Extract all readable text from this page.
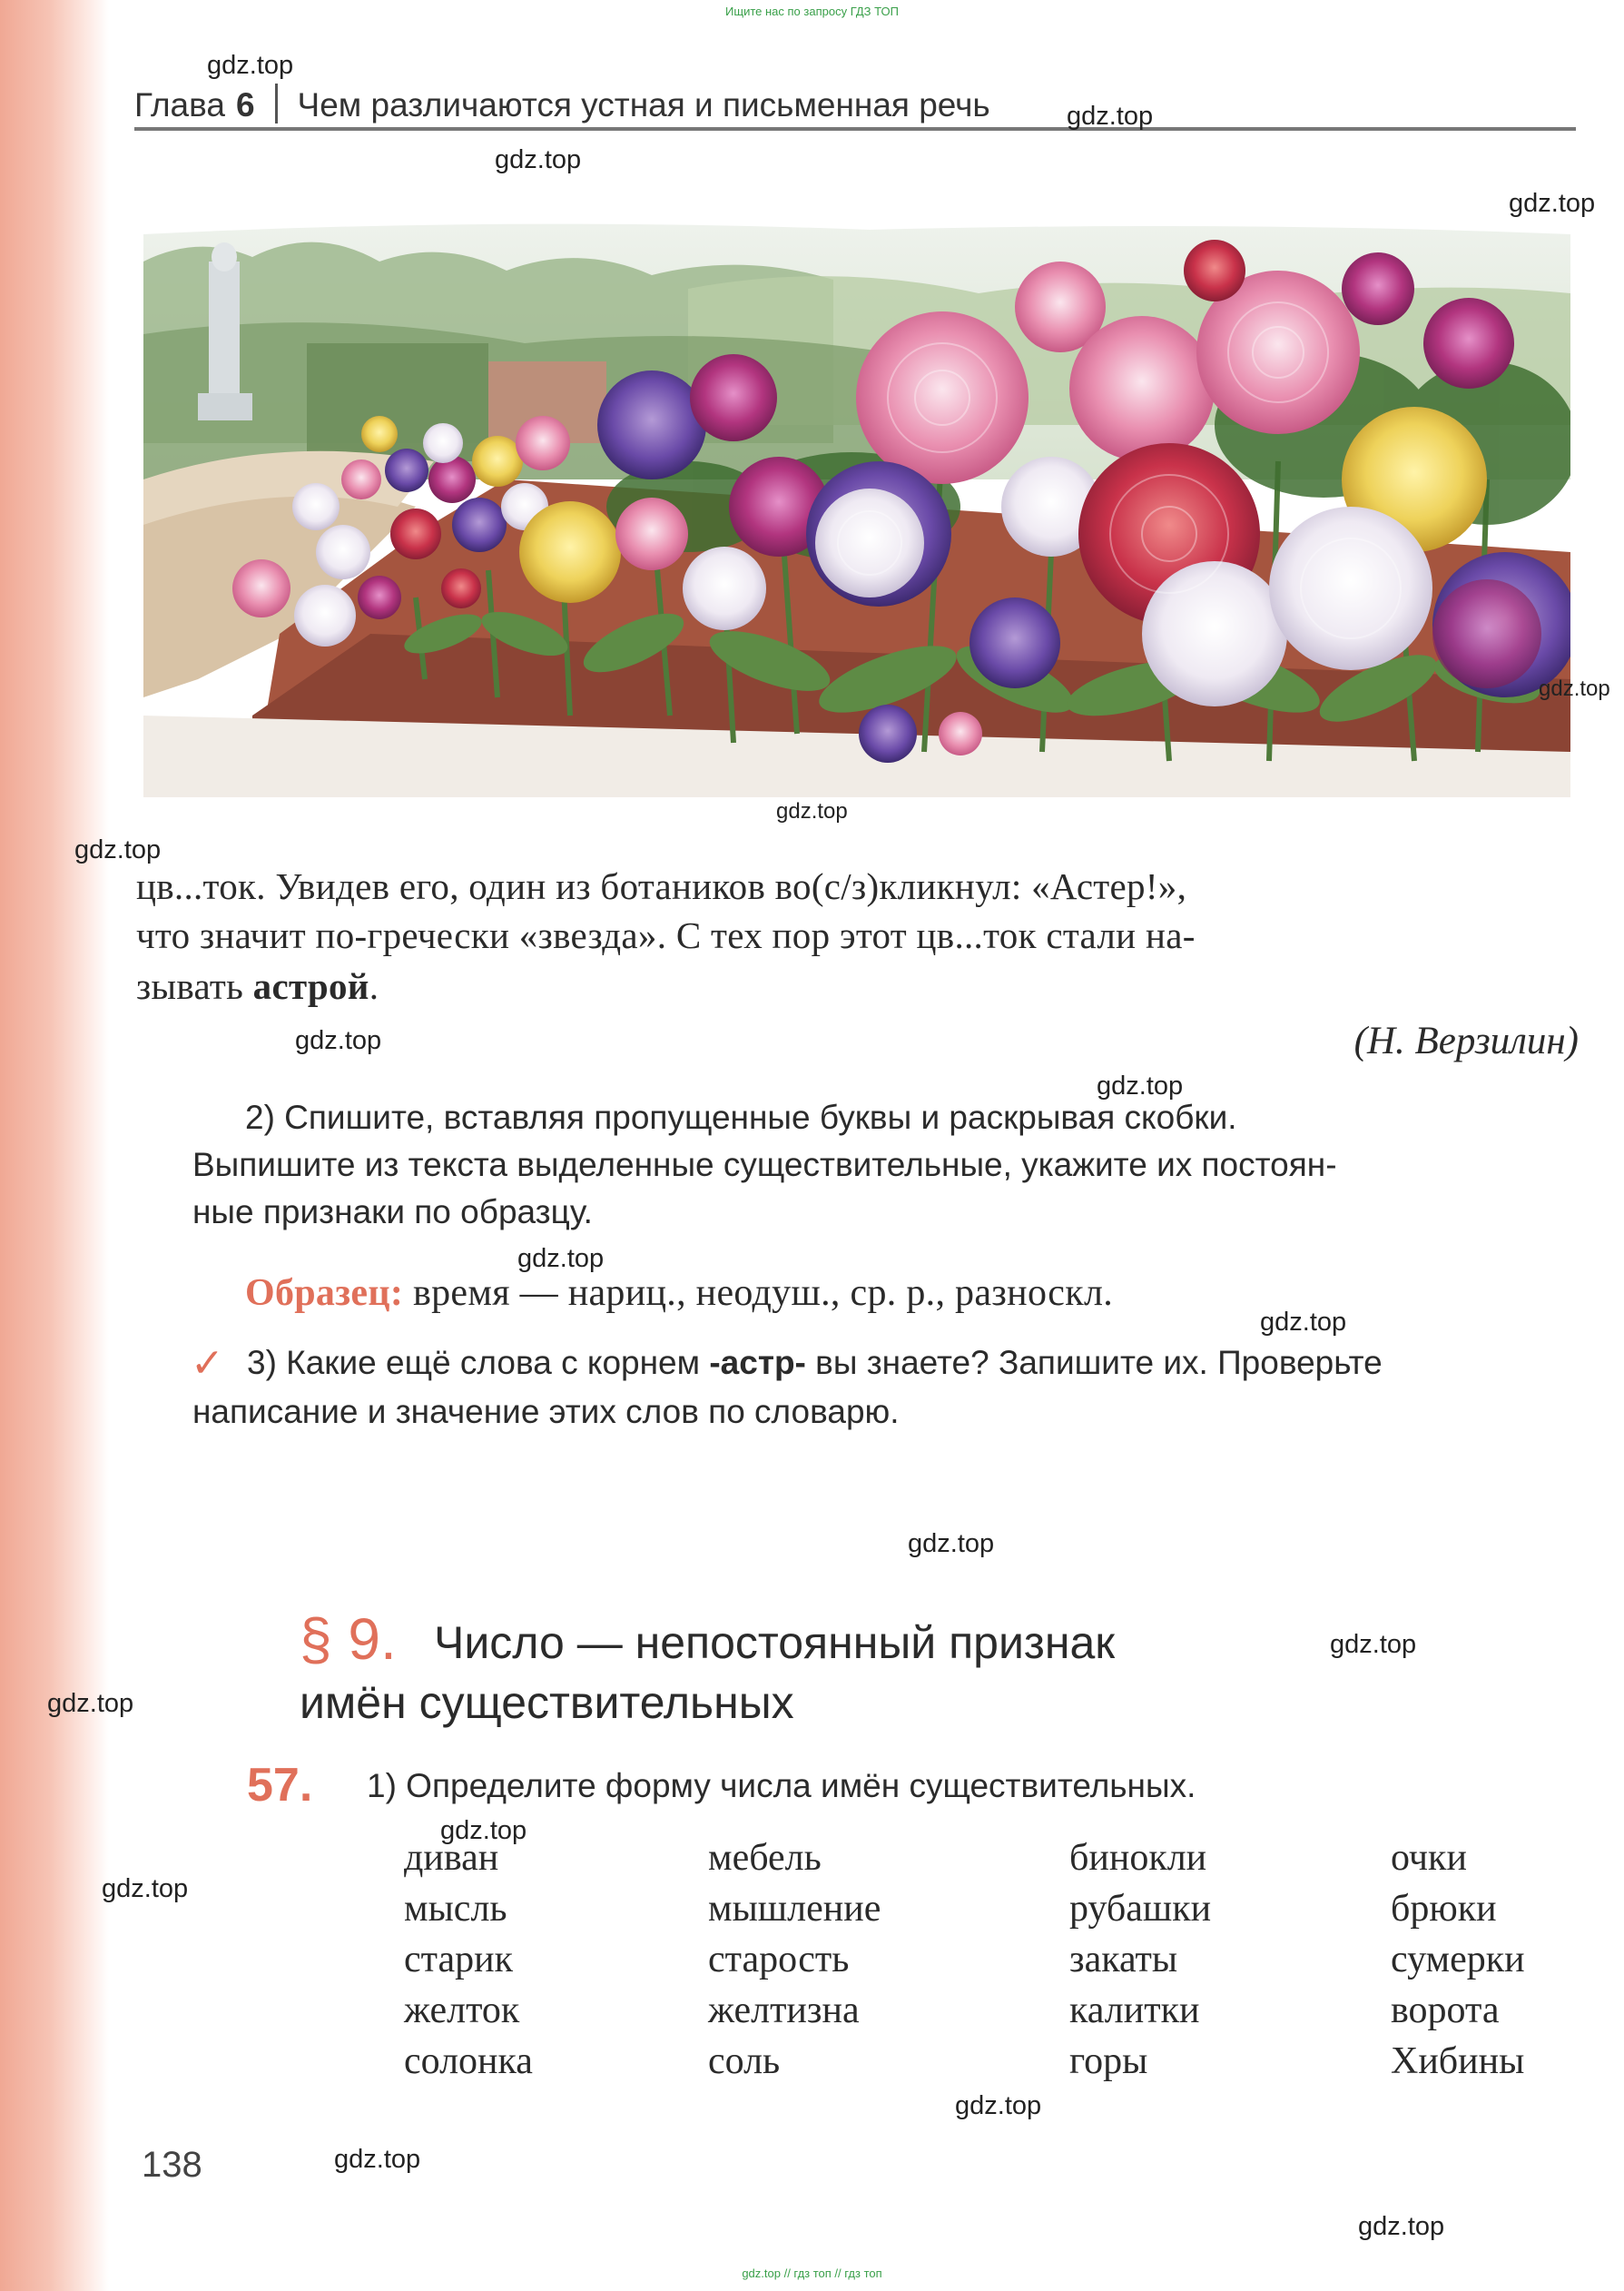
Ищите нас по запросу ГДЗ ТОП
Глава 6 Чем различаются устная и письменная речь
цв...ток. Увидев его, один из ботаников во(с/з)кликнул: «Астер!»,
что значит по-гречески «звезда». С тех пор этот цв...ток стали на-
зывать астрой.
(Н. Верзилин)
2) Спишите, вставляя пропущенные буквы и раскрывая скобки.
Выпишите из текста выделенные существительные, укажите их постоян-
ные признаки по образцу.
Образец: время — нариц., неодуш., ср. р., разноскл.
✓ 3) Какие ещё слова с корнем -астр- вы знаете? Запишите их. Проверьте
написание и значение этих слов по словарю.
§ 9. Число — непостоянный признак
имён существительных
57. 1) Определите форму числа имён существительных.
диван
мысль
старик
желток
солонка
мебель
мышление
старость
желтизна
соль
бинокли
рубашки
закаты
калитки
горы
очки
брюки
сумерки
ворота
Хибины
138
gdz.top
gdz.top
gdz.top
gdz.top
gdz.top
gdz.top
gdz.top
gdz.top
gdz.top
gdz.top
gdz.top
gdz.top
gdz.top
gdz.top
gdz.top
gdz.top
gdz.top
gdz.top
gdz.top
gdz.top // гдз топ // гдз топ
